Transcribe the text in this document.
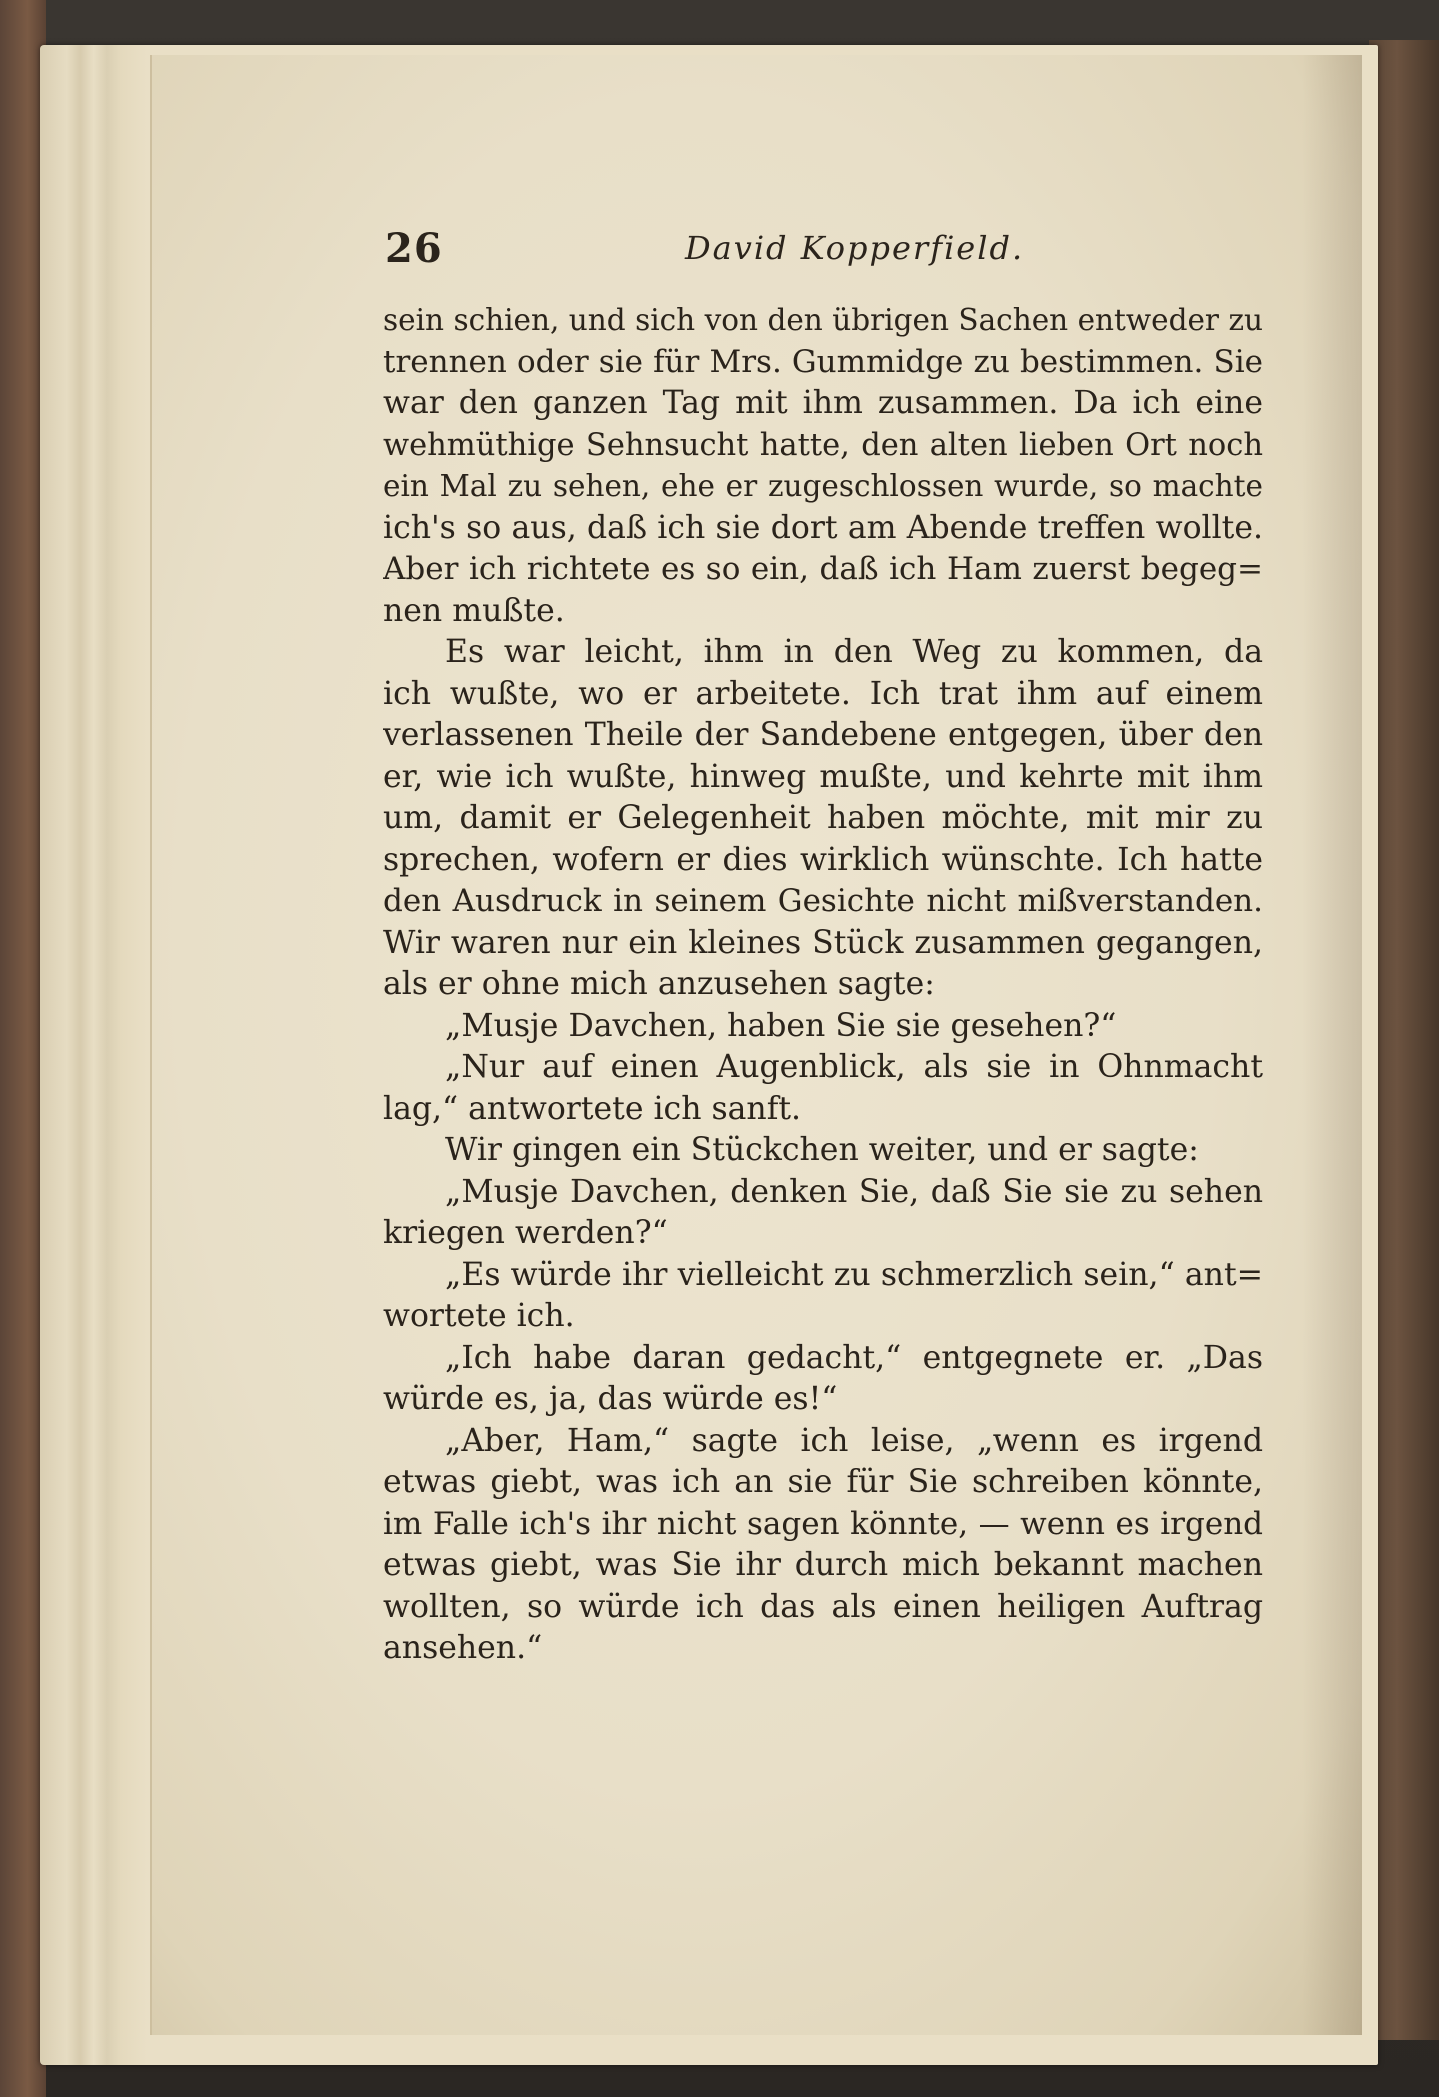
26	David Kopperfield.
sein schien, und sich von den übrigen Sachen entweder zu
trennen oder sie für Mrs. Gummidge zu bestimmen. Sie
war den ganzen Tag mit ihm zusammen. Da ich eine
wehmüthige Sehnsucht hatte, den alten lieben Ort noch
ein Mal zu sehen, ehe er zugeschlossen wurde, so machte
ich's so aus, daß ich sie dort am Abende treffen wollte.
Aber ich richtete es so ein, daß ich Ham zuerst begeg=
nen mußte.
Es war leicht, ihm in den Weg zu kommen, da
ich wußte, wo er arbeitete. Ich trat ihm auf einem
verlassenen Theile der Sandebene entgegen, über den
er, wie ich wußte, hinweg mußte, und kehrte mit ihm
um, damit er Gelegenheit haben möchte, mit mir zu
sprechen, wofern er dies wirklich wünschte. Ich hatte
den Ausdruck in seinem Gesichte nicht mißverstanden.
Wir waren nur ein kleines Stück zusammen gegangen,
als er ohne mich anzusehen sagte:
„Musje Davchen, haben Sie sie gesehen?“
„Nur auf einen Augenblick, als sie in Ohnmacht
lag,“ antwortete ich sanft.
Wir gingen ein Stückchen weiter, und er sagte:
„Musje Davchen, denken Sie, daß Sie sie zu sehen
kriegen werden?“
„Es würde ihr vielleicht zu schmerzlich sein,“ ant=
wortete ich.
„Ich habe daran gedacht,“ entgegnete er. „Das
würde es, ja, das würde es!“
„Aber, Ham,“ sagte ich leise, „wenn es irgend
etwas giebt, was ich an sie für Sie schreiben könnte,
im Falle ich's ihr nicht sagen könnte, — wenn es irgend
etwas giebt, was Sie ihr durch mich bekannt machen
wollten, so würde ich das als einen heiligen Auftrag
ansehen.“
